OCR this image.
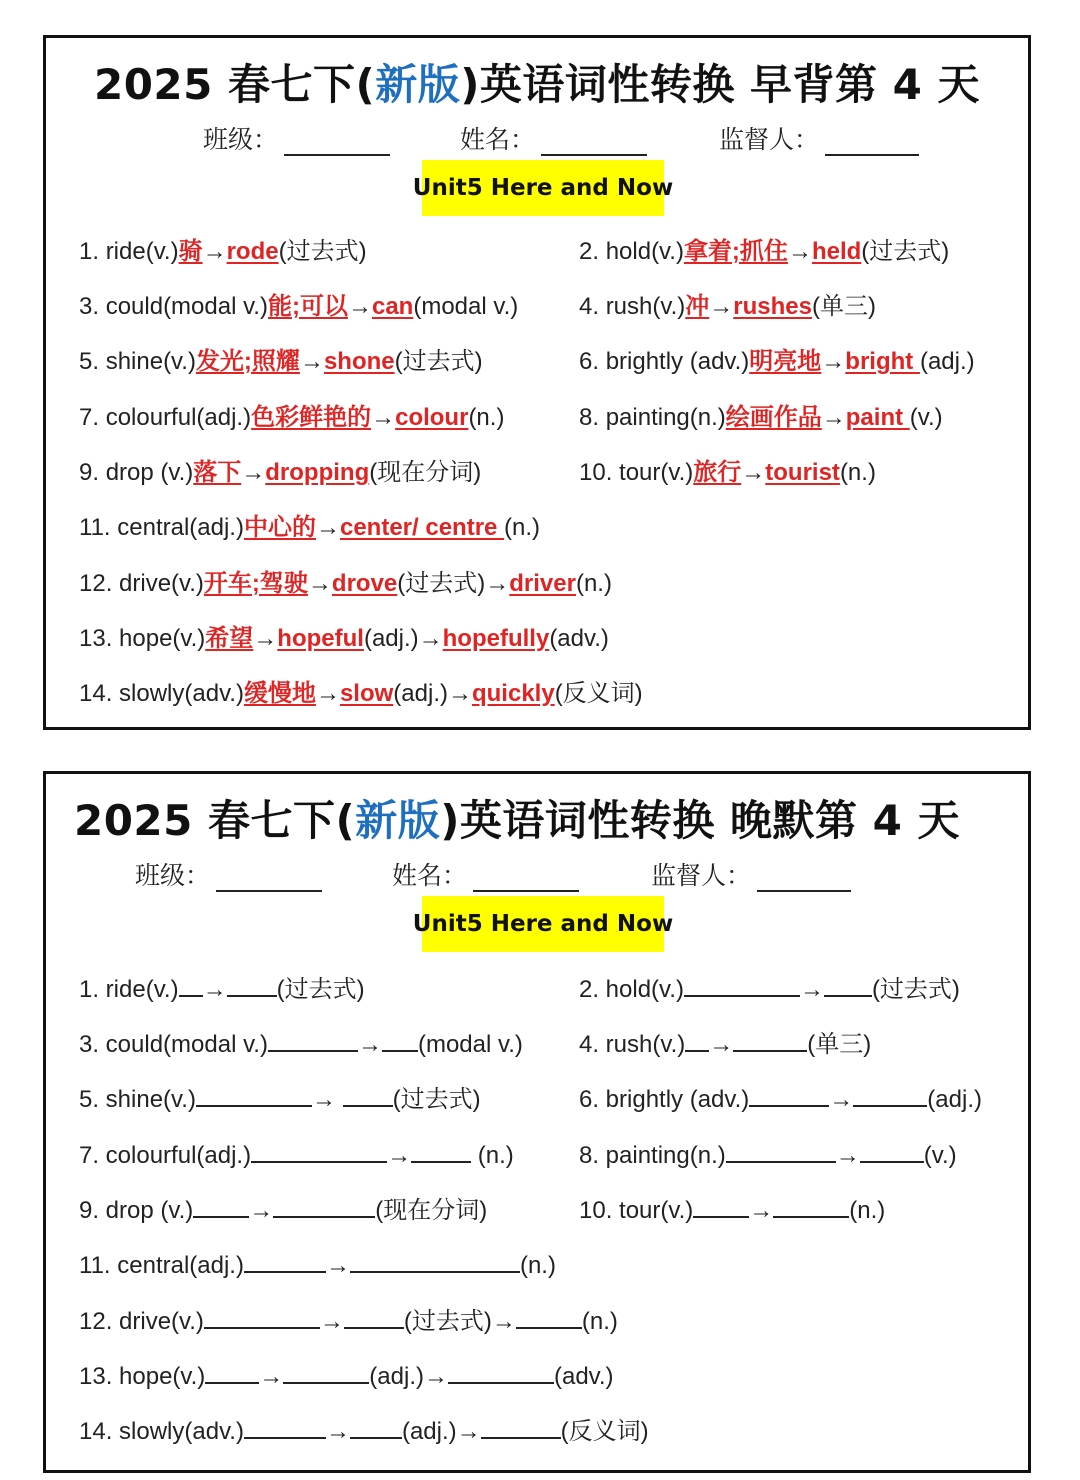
2025 春七下(新版)英语词性转换 早背第 4 天
班级：	姓名：	监督人：
Unit5 Here and Now
1. ride(v.)骑→rode(过去式)	2. hold(v.)拿着;抓住→held(过去式)
3. could(modal v.)能;可以→can(modal v.)	4. rush(v.)冲→rushes(单三)
5. shine(v.)发光;照耀→shone(过去式)	6. brightly (adv.)明亮地→bright (adj.)
7. colourful(adj.)色彩鲜艳的→colour(n.)	8. painting(n.)绘画作品→paint (v.)
9. drop (v.)落下→dropping(现在分词)	10. tour(v.)旅行→tourist(n.)
11. central(adj.)中心的→center/ centre (n.)
12. drive(v.)开车;驾驶→drove(过去式)→driver(n.)
13. hope(v.)希望→hopeful(adj.)→hopefully(adv.)
14. slowly(adv.)缓慢地→slow(adj.)→quickly(反义词)
2025 春七下(新版)英语词性转换 晚默第 4 天
班级：	姓名：	监督人：
Unit5 Here and Now
1. ride(v.) → (过去式)	2. hold(v.)	→ (过去式)
3. could(modal v.)	→ (modal v.) 4. rush(v.) →	(单三)
5. shine(v.)	→ (过去式)	6. brightly (adv.)	→	(adj.)
7. colourful(adj.)	→	(n.)	8. painting(n.)	→	(v.)
9. drop (v.) →	(现在分词)	10. tour(v.) →	(n.)
11. central(adj.)	→	(n.)
12. drive(v.)	→	(过去式)→	(n.)
13. hope(v.) →	(adj.)→	(adv.)
14. slowly(adv.)	→ (adj.)→	(反义词)
